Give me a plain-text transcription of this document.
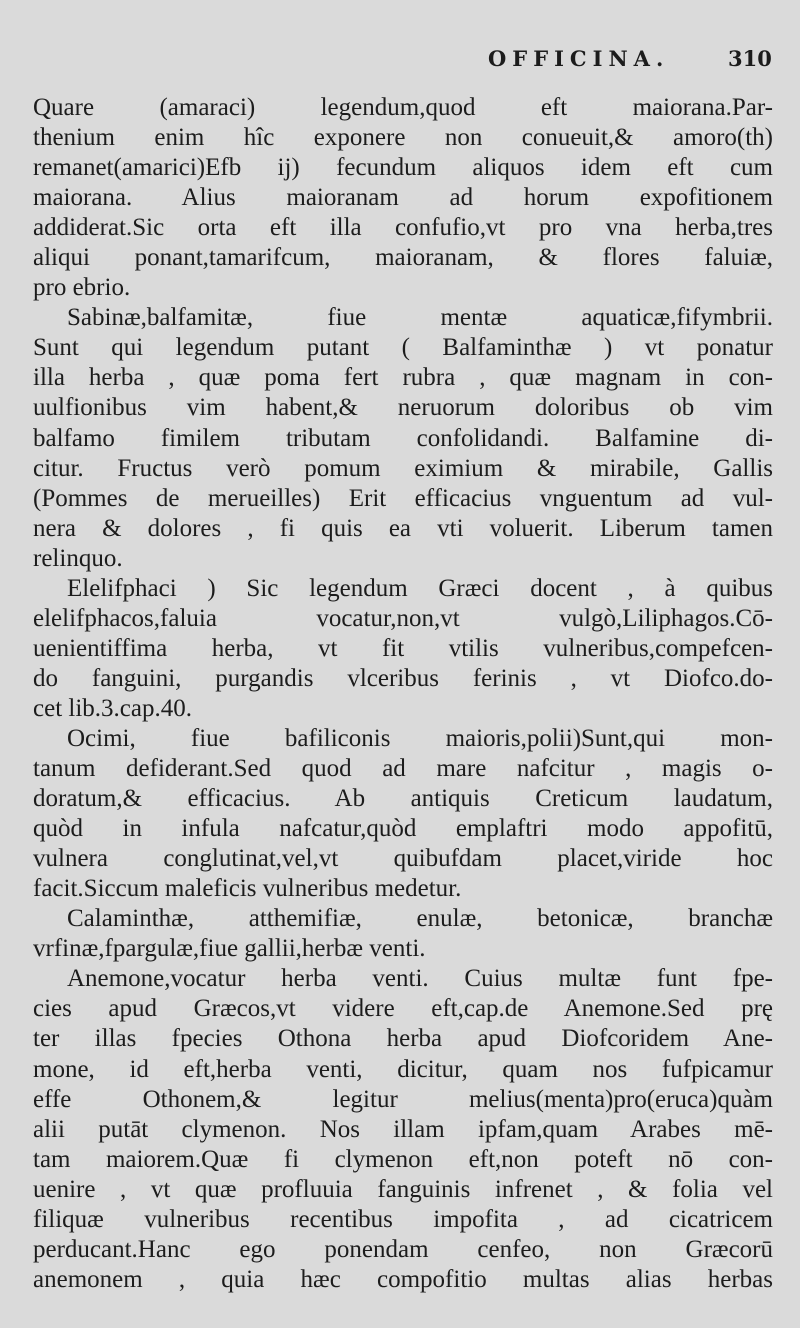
OFFICINA.	310
Quare (amaraci) legendum,quod eft maiorana.Par-
thenium enim hîc exponere non conueuit,& amoro(th)
remanet(amarici)Efb ij) fecundum aliquos idem eft cum
maiorana. Alius maioranam ad horum expofitionem
addiderat.Sic orta eft illa confufio,vt pro vna herba,tres
aliqui ponant,tamarifcum, maioranam, & flores faluiæ,
pro ebrio.
Sabinæ,balfamitæ, fiue mentæ aquaticæ,fifymbrii.
Sunt qui legendum putant ( Balfaminthæ ) vt ponatur
illa herba , quæ poma fert rubra , quæ magnam in con-
uulfionibus vim habent,& neruorum doloribus ob vim
balfamo fimilem tributam confolidandi. Balfamine di-
citur. Fructus verò pomum eximium & mirabile, Gallis
(Pommes de merueilles) Erit efficacius vnguentum ad vul-
nera & dolores , fi quis ea vti voluerit. Liberum tamen
relinquo.
Elelifphaci ) Sic legendum Græci docent , à quibus
elelifphacos,faluia vocatur,non,vt vulgò,Liliphagos.Cō-
uenientiffima herba, vt fit vtilis vulneribus,compefcen-
do fanguini, purgandis vlceribus ferinis , vt Diofco.do-
cet lib.3.cap.40.
Ocimi, fiue bafiliconis maioris,polii)Sunt,qui mon-
tanum defiderant.Sed quod ad mare nafcitur , magis o-
doratum,& efficacius. Ab antiquis Creticum laudatum,
quòd in infula nafcatur,quòd emplaftri modo appofitū,
vulnera conglutinat,vel,vt quibufdam placet,viride hoc
facit.Siccum maleficis vulneribus medetur.
Calaminthæ, atthemifiæ, enulæ, betonicæ, branchæ
vrfinæ,fpargulæ,fiue gallii,herbæ venti.
Anemone,vocatur herba venti. Cuius multæ funt fpe-
cies apud Græcos,vt videre eft,cap.de Anemone.Sed prę
ter illas fpecies Othona herba apud Diofcoridem Ane-
mone, id eft,herba venti, dicitur, quam nos fufpicamur
effe Othonem,& legitur melius(menta)pro(eruca)quàm
alii putāt clymenon. Nos illam ipfam,quam Arabes mē-
tam maiorem.Quæ fi clymenon eft,non poteft nō con-
uenire , vt quæ profluuia fanguinis infrenet , & folia vel
filiquæ vulneribus recentibus impofita , ad cicatricem
perducant.Hanc ego ponendam cenfeo, non Græcorū
anemonem , quia hæc compofitio multas alias herbas
